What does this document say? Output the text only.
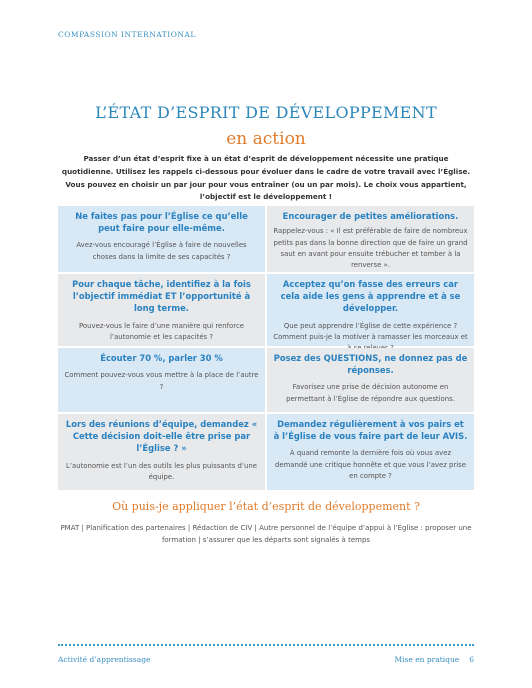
COMPASSION INTERNATIONAL
L’ÉTAT D’ESPRIT DE DÉVELOPPEMENT
en action
Passer d’un état d’esprit fixe à un état d’esprit de développement nécessite une pratique quotidienne. Utilisez les rappels ci-dessous pour évoluer dans le cadre de votre travail avec l’Église. Vous pouvez en choisir un par jour pour vous entraîner (ou un par mois). Le choix vous appartient, l’objectif est le développement !
Ne faites pas pour l’Église ce qu’elle peut faire pour elle-même.
Avez-vous encouragé l’Église à faire de nouvelles choses dans la limite de ses capacités ?
Encourager de petites améliorations.
Rappelez-vous : « Il est préférable de faire de nombreux petits pas dans la bonne direction que de faire un grand saut en avant pour ensuite trébucher et tomber à la renverse ».
Pour chaque tâche, identifiez à la fois l’objectif immédiat ET l’opportunité à long terme.
Pouvez-vous le faire d’une manière qui renforce l’autonomie et les capacités ?
Acceptez qu’on fasse des erreurs car cela aide les gens à apprendre et à se développer.
Que peut apprendre l’Église de cette expérience ? Comment puis-je la motiver à ramasser les morceaux et
Écouter 70 %, parler 30 %
Comment pouvez-vous vous mettre à la place de l’autre ?
Posez des QUESTIONS, ne donnez pas de réponses.
Favorisez une prise de décision autonome en permettant à l’Église de répondre aux questions.
Lors des réunions d’équipe, demandez « Cette décision doit-elle être prise par l’Église ? »
L’autonomie est l’un des outils les plus puissants d’une équipe.
Demandez régulièrement à vos pairs et à l’Église de vous faire part de leur AVIS.
À quand remonte la dernière fois où vous avez demandé une critique honnête et que vous l’avez prise en compte ?
Où puis-je appliquer l’état d’esprit de développement ?
PMAT | Planification des partenaires | Rédaction de CIV | Autre personnel de l’équipe d’appui à l’Église : proposer une formation | s’assurer que les départs sont signalés à temps
Activité d’apprentissage	Mise en pratique 6
